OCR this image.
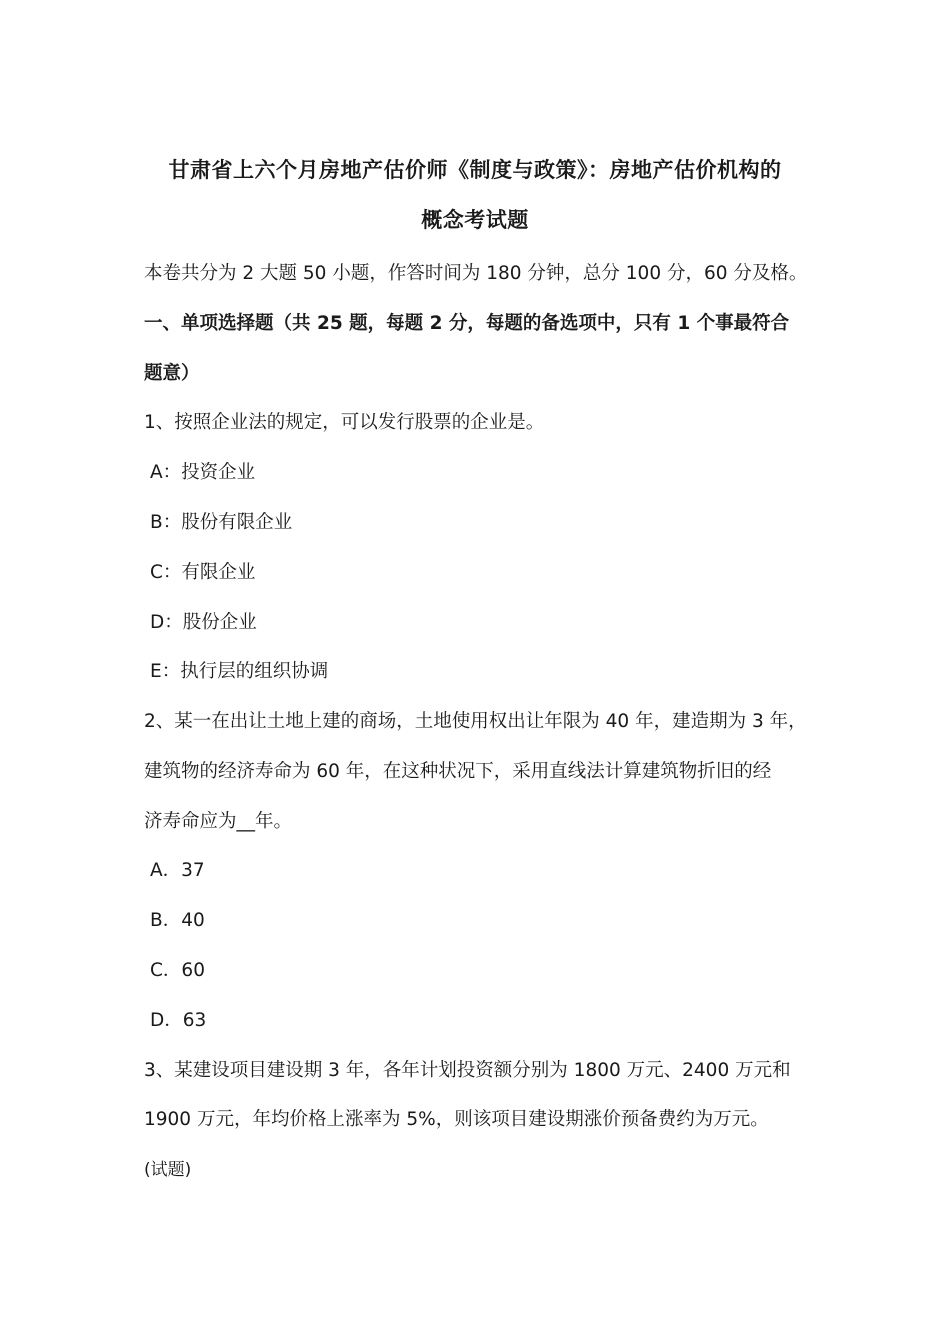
甘肃省上六个月房地产估价师《制度与政策》：房地产估价机构的
概念考试题

本卷共分为 2 大题 50 小题，作答时间为 180 分钟，总分 100 分，60 分及格。

一、单项选择题（共 25 题，每题 2 分，每题的备选项中，只有 1 个事最符合

题意）

1、按照企业法的规定，可以发行股票的企业是。

A：投资企业

B：股份有限企业

C：有限企业

D：股份企业

E：执行层的组织协调

2、某一在出让土地上建的商场，土地使用权出让年限为 40 年，建造期为 3 年，

建筑物的经济寿命为 60 年，在这种状况下，采用直线法计算建筑物折旧的经

济寿命应为__年。

A．37

B．40

C．60

D．63

3、某建设项目建设期 3 年，各年计划投资额分别为 1800 万元、2400 万元和

1900 万元，年均价格上涨率为 5%，则该项目建设期涨价预备费约为万元。

(试题)
